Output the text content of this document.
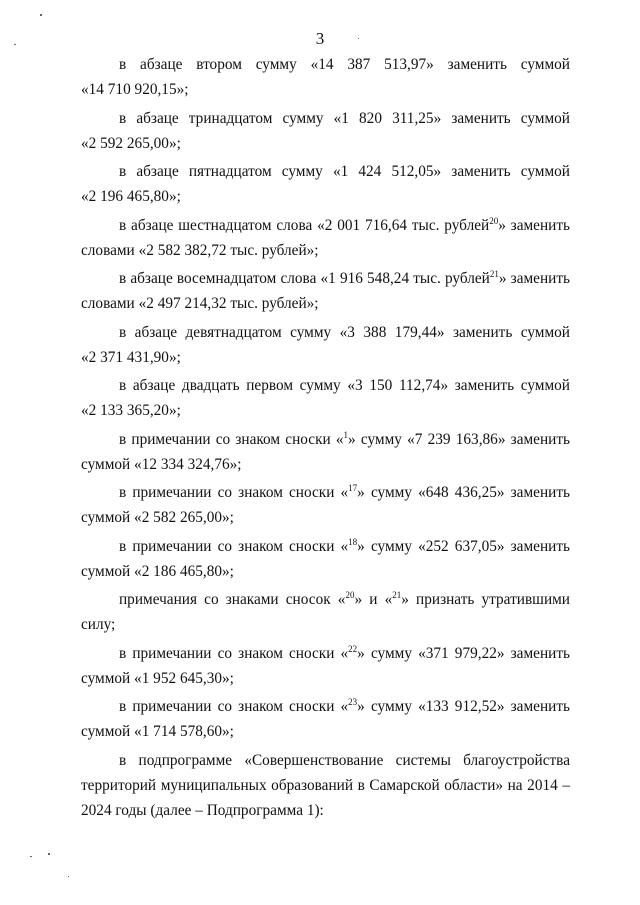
3

в абзаце втором сумму «14 387 513,97» заменить суммой
«14 710 920,15»;

в абзаце тринадцатом сумму «1 820 311,25» заменить суммой
«2 592 265,00»;

в абзаце пятнадцатом сумму «1 424 512,05» заменить суммой
«2 196 465,80»;

в абзаце шестнадцатом слова «2 001 716,64 тыс. рублей$^{20}$» заменить
словами «2 582 382,72 тыс. рублей»;

в абзаце восемнадцатом слова «1 916 548,24 тыс. рублей$^{21}$» заменить
словами «2 497 214,32 тыс. рублей»;

в абзаце девятнадцатом сумму «3 388 179,44» заменить суммой
«2 371 431,90»;

в абзаце двадцать первом сумму «3 150 112,74» заменить суммой
«2 133 365,20»;

в примечании со знаком сноски «$^1$» сумму «7 239 163,86» заменить
суммой «12 334 324,76»;

в примечании со знаком сноски «$^{17}$» сумму «648 436,25» заменить
суммой «2 582 265,00»;

в примечании со знаком сноски «$^{18}$» сумму «252 637,05» заменить
суммой «2 186 465,80»;

примечания со знаками сносок «$^{20}$» и «$^{21}$» признать утратившими
силу;

в примечании со знаком сноски «$^{22}$» сумму «371 979,22» заменить
суммой «1 952 645,30»;

в примечании со знаком сноски «$^{23}$» сумму «133 912,52» заменить
суммой «1 714 578,60»;

в подпрограмме «Совершенствование системы благоустройства
территорий муниципальных образований в Самарской области» на 2014 –
2024 годы (далее – Подпрограмма 1):
